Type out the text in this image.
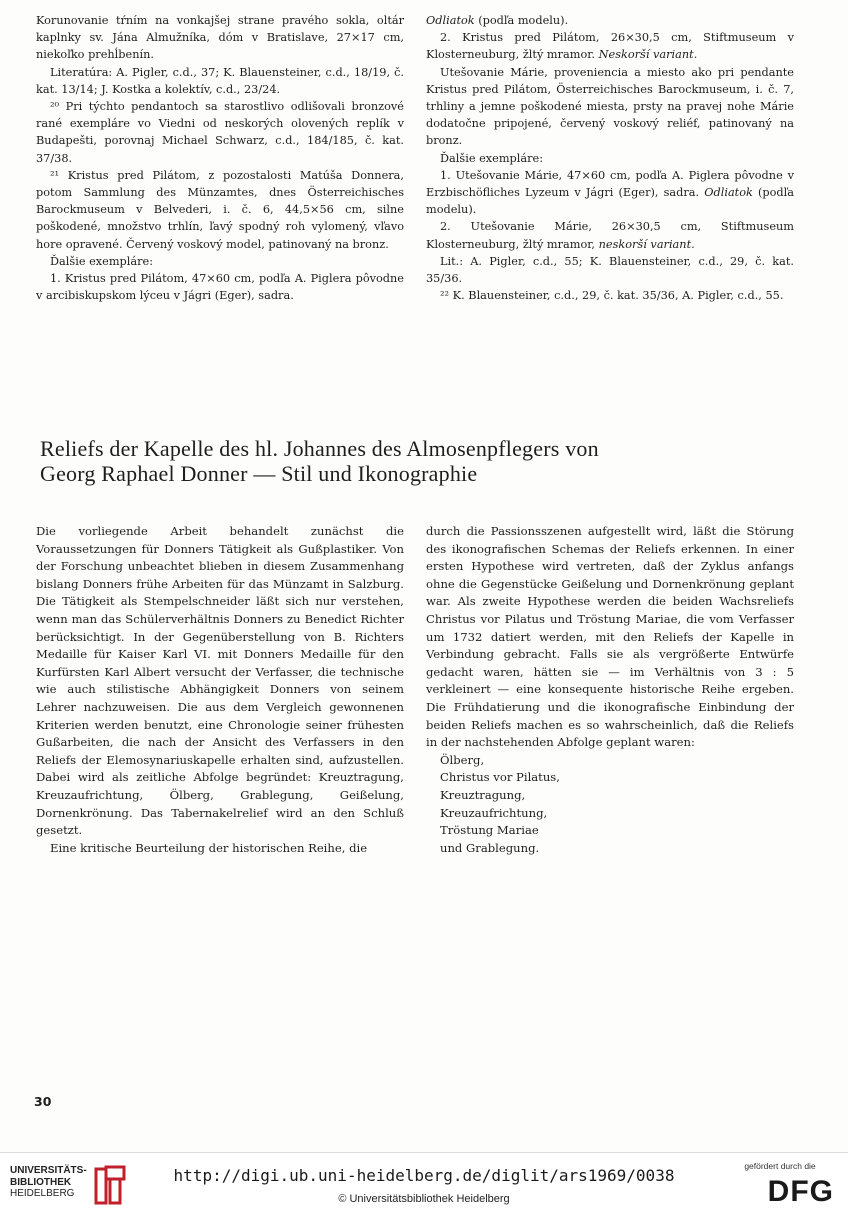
Korunovanie tŕním na vonkajšej strane pravého sokla, oltár kaplnky sv. Jána Almužníka, dóm v Bratislave, 27×17 cm, niekoľko prehĺbenín.

Literatúra: A. Pigler, c.d., 37; K. Blauensteiner, c.d., 18/19, č. kat. 13/14; J. Kostka a kolektív, c.d., 23/24.

²⁰ Pri týchto pendantoch sa starostlivo odlišovali bronzové rané exempláre vo Viedni od neskorých olovených replík v Budapešti, porovnaj Michael Schwarz, c.d., 184/185, č. kat. 37/38.

²¹ Kristus pred Pilátom, z pozostalosti Matúša Donnera, potom Sammlung des Münzamtes, dnes Österreichisches Barockmuseum v Belvederi, i. č. 6, 44,5×56 cm, silne poškodené, množstvo trhlín, ľavý spodný roh vylomený, vľavo hore opravené. Červený voskový model, patinovaný na bronz.

Ďalšie exempláre:

1. Kristus pred Pilátom, 47×60 cm, podľa A. Piglera pôvodne v arcibiskupskom lýceu v Jágri (Eger), sadra.

Odliatok (podľa modelu).

2. Kristus pred Pilátom, 26×30,5 cm, Stiftmuseum v Klosterneuburg, žltý mramor. Neskorší variant.

Utešovanie Márie, proveniencia a miesto ako pri pendante Kristus pred Pilátom, Österreichisches Barockmuseum, i. č. 7, trhliny a jemne poškodené miesta, prsty na pravej nohe Márie dodatočne pripojené, červený voskový reliéf, patinovaný na bronz.

Ďalšie exempláre:

1. Utešovanie Márie, 47×60 cm, podľa A. Piglera pôvodne v Erzbischöfliches Lyzeum v Jágri (Eger), sadra. Odliatok (podľa modelu).

2. Utešovanie Márie, 26×30,5 cm, Stiftmuseum Klosterneuburg, žltý mramor, neskorší variant.

Lit.: A. Pigler, c.d., 55; K. Blauensteiner, c.d., 29, č. kat. 35/36.

²² K. Blauensteiner, c.d., 29, č. kat. 35/36, A. Pigler, c.d., 55.

Reliefs der Kapelle des hl. Johannes des Almosenpflegers von
Georg Raphael Donner — Stil und Ikonographie

Die vorliegende Arbeit behandelt zunächst die Voraussetzungen für Donners Tätigkeit als Gußplastiker. Von der Forschung unbeachtet blieben in diesem Zusammenhang bislang Donners frühe Arbeiten für das Münzamt in Salzburg. Die Tätigkeit als Stempelschneider läßt sich nur verstehen, wenn man das Schülerverhältnis Donners zu Benedict Richter berücksichtigt. In der Gegenüberstellung von B. Richters Medaille für Kaiser Karl VI. mit Donners Medaille für den Kurfürsten Karl Albert versucht der Verfasser, die technische wie auch stilistische Abhängigkeit Donners von seinem Lehrer nachzuweisen. Die aus dem Vergleich gewonnenen Kriterien werden benutzt, eine Chronologie seiner frühesten Gußarbeiten, die nach der Ansicht des Verfassers in den Reliefs der Elemosynariuskapelle erhalten sind, aufzustellen. Dabei wird als zeitliche Abfolge begründet: Kreuztragung, Kreuzaufrichtung, Ölberg, Grablegung, Geißelung, Dornenkrönung. Das Tabernakelrelief wird an den Schluß gesetzt.

Eine kritische Beurteilung der historischen Reihe, die

durch die Passionsszenen aufgestellt wird, läßt die Störung des ikonografischen Schemas der Reliefs erkennen. In einer ersten Hypothese wird vertreten, daß der Zyklus anfangs ohne die Gegenstücke Geißelung und Dornenkrönung geplant war. Als zweite Hypothese werden die beiden Wachsreliefs Christus vor Pilatus und Tröstung Mariae, die vom Verfasser um 1732 datiert werden, mit den Reliefs der Kapelle in Verbindung gebracht. Falls sie als vergrößerte Entwürfe gedacht waren, hätten sie — im Verhältnis von 3 : 5 verkleinert — eine konsequente historische Reihe ergeben. Die Frühdatierung und die ikonografische Einbindung der beiden Reliefs machen es so wahrscheinlich, daß die Reliefs in der nachstehenden Abfolge geplant waren:

Ölberg,

Christus vor Pilatus,

Kreuztragung,

Kreuzaufrichtung,

Tröstung Mariae

und Grablegung.

30
UNIVERSITÄTS-
BIBLIOTHEK
HEIDELBERG
http://digi.ub.uni-heidelberg.de/diglit/ars1969/0038
© Universitätsbibliothek Heidelberg
gefördert durch die
DFG
